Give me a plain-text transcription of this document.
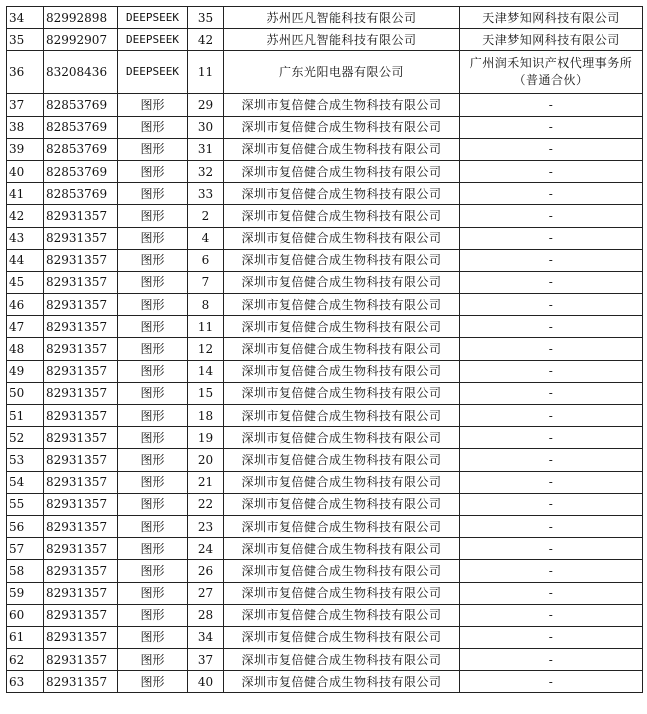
34	82992898	DEEPSEEK	35	苏州匹凡智能科技有限公司	天津梦知网科技有限公司
35	82992907	DEEPSEEK	42	苏州匹凡智能科技有限公司	天津梦知网科技有限公司
36	83208436	DEEPSEEK	11	广东光阳电器有限公司	广州润禾知识产权代理事务所（普通合伙）
37	82853769	图形	29	深圳市复倍健合成生物科技有限公司	-
38	82853769	图形	30	深圳市复倍健合成生物科技有限公司	-
39	82853769	图形	31	深圳市复倍健合成生物科技有限公司	-
40	82853769	图形	32	深圳市复倍健合成生物科技有限公司	-
41	82853769	图形	33	深圳市复倍健合成生物科技有限公司	-
42	82931357	图形	2	深圳市复倍健合成生物科技有限公司	-
43	82931357	图形	4	深圳市复倍健合成生物科技有限公司	-
44	82931357	图形	6	深圳市复倍健合成生物科技有限公司	-
45	82931357	图形	7	深圳市复倍健合成生物科技有限公司	-
46	82931357	图形	8	深圳市复倍健合成生物科技有限公司	-
47	82931357	图形	11	深圳市复倍健合成生物科技有限公司	-
48	82931357	图形	12	深圳市复倍健合成生物科技有限公司	-
49	82931357	图形	14	深圳市复倍健合成生物科技有限公司	-
50	82931357	图形	15	深圳市复倍健合成生物科技有限公司	-
51	82931357	图形	18	深圳市复倍健合成生物科技有限公司	-
52	82931357	图形	19	深圳市复倍健合成生物科技有限公司	-
53	82931357	图形	20	深圳市复倍健合成生物科技有限公司	-
54	82931357	图形	21	深圳市复倍健合成生物科技有限公司	-
55	82931357	图形	22	深圳市复倍健合成生物科技有限公司	-
56	82931357	图形	23	深圳市复倍健合成生物科技有限公司	-
57	82931357	图形	24	深圳市复倍健合成生物科技有限公司	-
58	82931357	图形	26	深圳市复倍健合成生物科技有限公司	-
59	82931357	图形	27	深圳市复倍健合成生物科技有限公司	-
60	82931357	图形	28	深圳市复倍健合成生物科技有限公司	-
61	82931357	图形	34	深圳市复倍健合成生物科技有限公司	-
62	82931357	图形	37	深圳市复倍健合成生物科技有限公司	-
63	82931357	图形	40	深圳市复倍健合成生物科技有限公司	-
